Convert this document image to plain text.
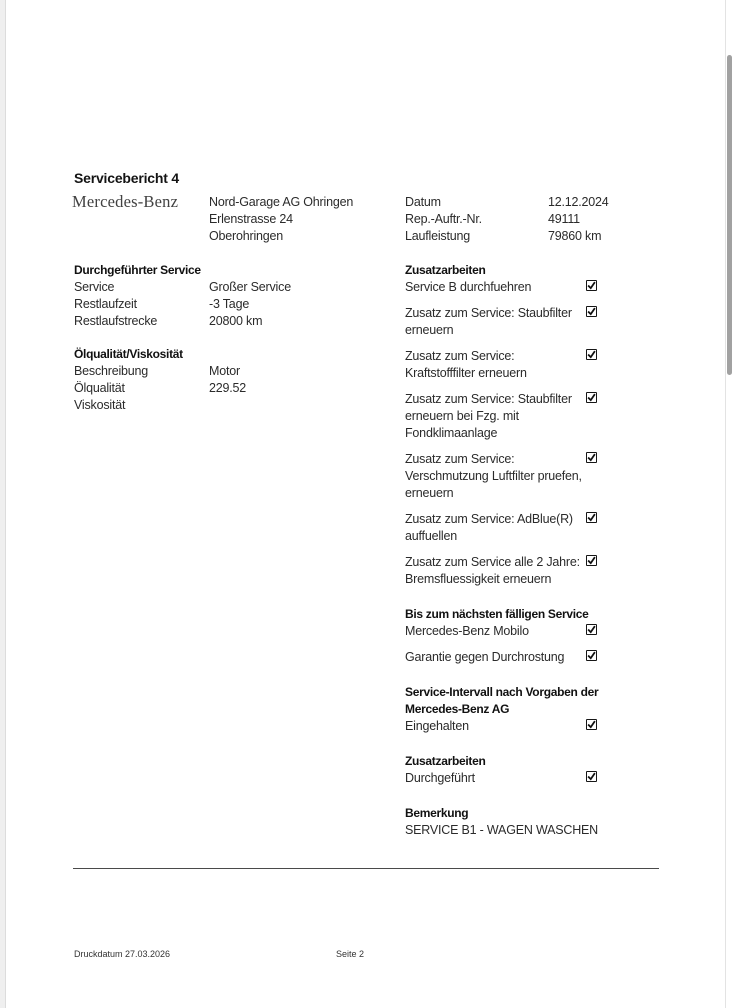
Servicebericht 4
Mercedes-Benz Nord-Garage AG Ohringen
Erlenstrasse 24
Oberohringen
Datum	12.12.2024
Rep.-Auftr.-Nr.	49111
Laufleistung	79860 km
Durchgeführter Service
Service	Großer Service
Restlaufzeit	-3 Tage
Restlaufstrecke	20800 km
Ölqualität/Viskosität
Beschreibung	Motor
Ölqualität	229.52
Viskosität
Zusatzarbeiten
Service B durchfuehren
Zusatz zum Service: Staubfilter erneuern
Zusatz zum Service: Kraftstofffilter erneuern
Zusatz zum Service: Staubfilter erneuern bei Fzg. mit Fondklimaanlage
Zusatz zum Service: Verschmutzung Luftfilter pruefen, erneuern
Zusatz zum Service: AdBlue(R) auffuellen
Zusatz zum Service alle 2 Jahre: Bremsfluessigkeit erneuern
Bis zum nächsten fälligen Service
Mercedes-Benz Mobilo
Garantie gegen Durchrostung
Service-Intervall nach Vorgaben der Mercedes-Benz AG
Eingehalten
Zusatzarbeiten
Durchgeführt
Bemerkung
SERVICE B1 - WAGEN WASCHEN
Druckdatum 27.03.2026	Seite 2
